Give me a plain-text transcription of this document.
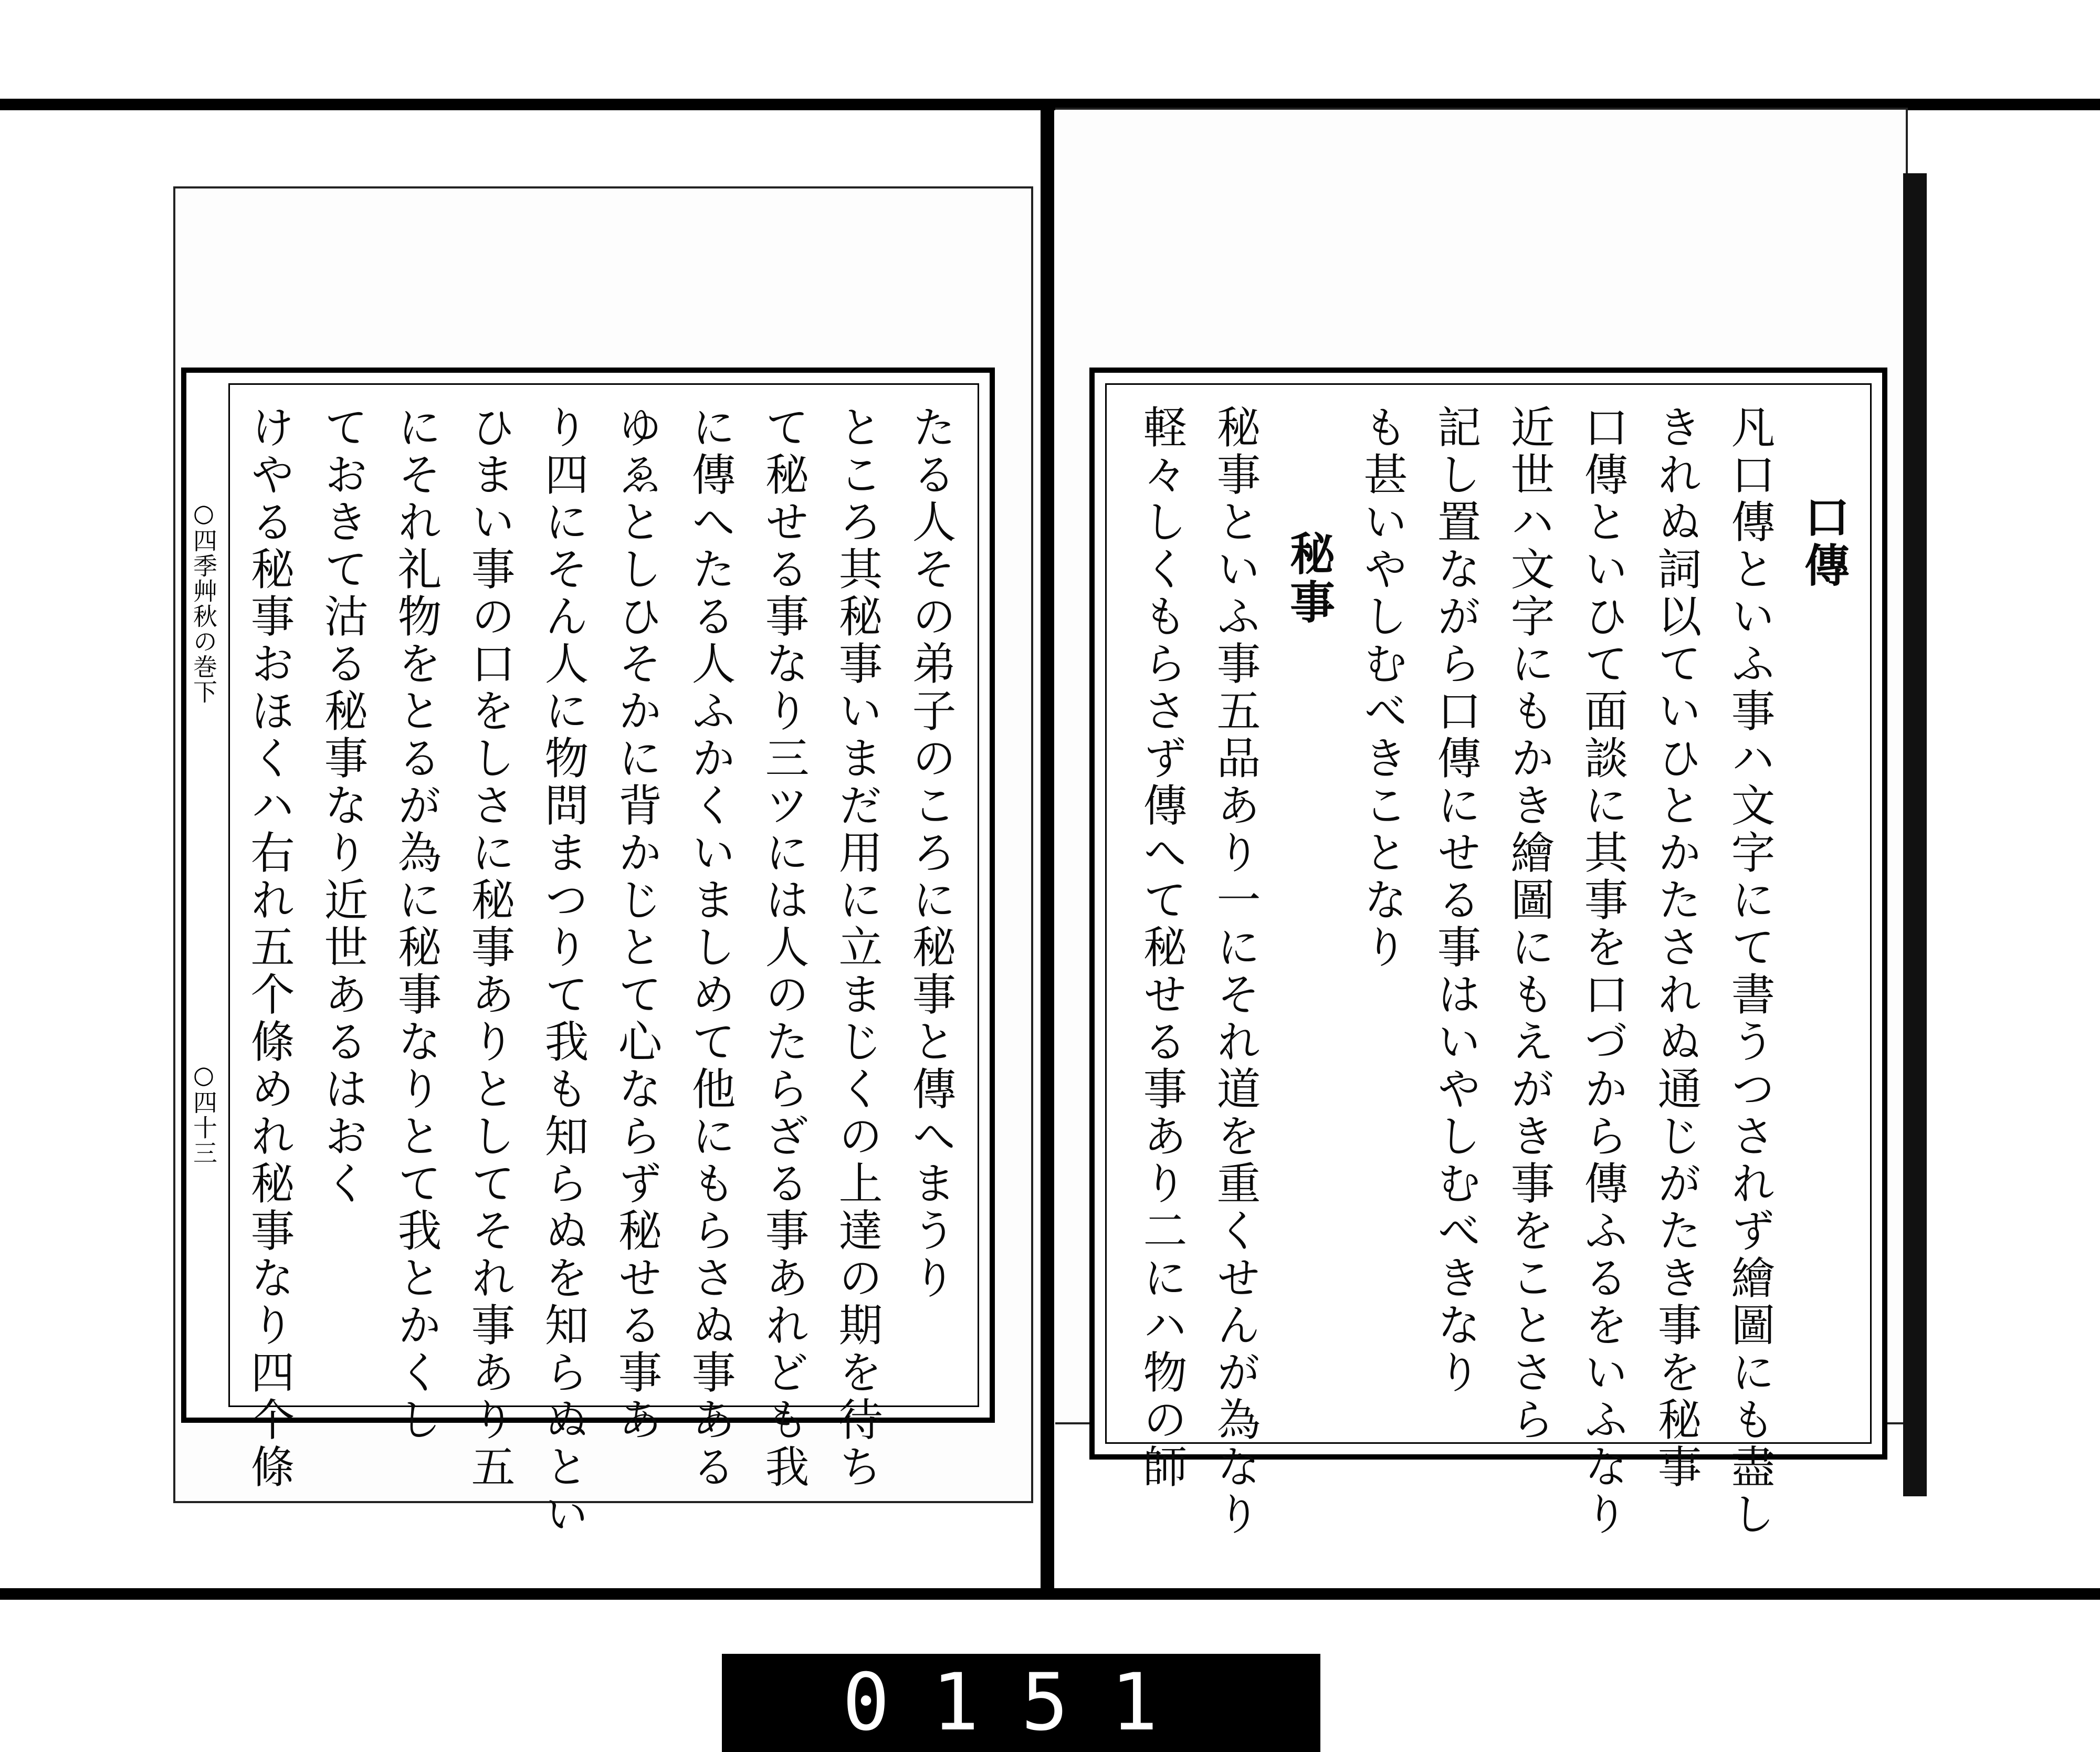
たる人その弟子のころに秘事と傳へまうり
ところ其秘事いまだ用に立まじくの上達の期を待ち
て秘せる事なり三ツには人のたらざる事あれども我
に傳へたる人ふかくいましめて他にもらさぬ事ある
ゆゑとしひそかに背かじとて心ならず秘せる事あ
り四にそん人に物問まつりて我も知らぬを知らぬとい
ひまい事の口をしさに秘事ありとしてそれ事あり五
にそれ礼物をとるが為に秘事なりとて我とかくし
ておきて沽る秘事なり近世あるはおく
けやる秘事おほくハ右れ五个條めれ秘事なり四个條
○四季艸秋の巻下
○四十三
口傳
凡口傳といふ事ハ文字にて書うつされず繪圖にも盡し
きれぬ詞以ていひとかたされぬ通じがたき事を秘事
口傳といひて面談に其事を口づから傳ふるをいふなり
近世ハ文字にもかき繪圖にもえがき事をことさら
記し置ながら口傳にせる事はいやしむべきなり
も甚いやしむべきことなり
秘事
秘事といふ事五品あり一にそれ道を重くせんが為なり
軽々しくもらさず傳へて秘せる事あり二にハ物の師
0151
